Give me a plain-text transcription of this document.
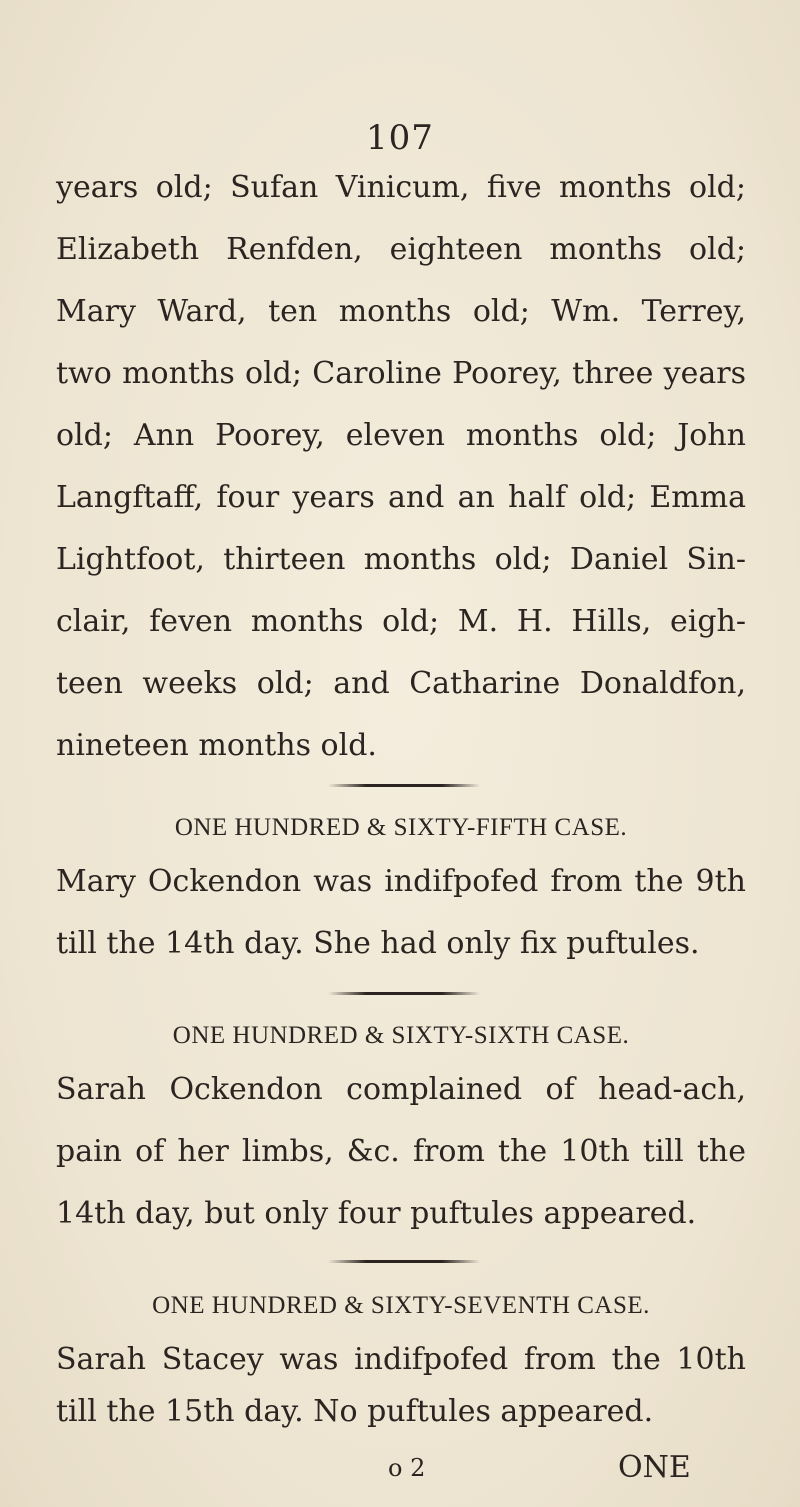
107
years old; Sufan Vinicum, five months old;
Elizabeth Renfden, eighteen months old;
Mary Ward, ten months old; Wm. Terrey,
two months old; Caroline Poorey, three years
old; Ann Poorey, eleven months old; John
Langftaff, four years and an half old; Emma
Lightfoot, thirteen months old; Daniel Sin-
clair, feven months old; M. H. Hills, eigh-
teen weeks old; and Catharine Donaldfon,
nineteen months old.
ONE HUNDRED & SIXTY-FIFTH CASE.
Mary Ockendon was indifpofed from the 9th
till the 14th day. She had only fix puftules.
ONE HUNDRED & SIXTY-SIXTH CASE.
Sarah Ockendon complained of head-ach,
pain of her limbs, &c. from the 10th till the
14th day, but only four puftules appeared.
ONE HUNDRED & SIXTY-SEVENTH CASE.
Sarah Stacey was indifpofed from the 10th
till the 15th day. No puftules appeared.
o 2	ONE
